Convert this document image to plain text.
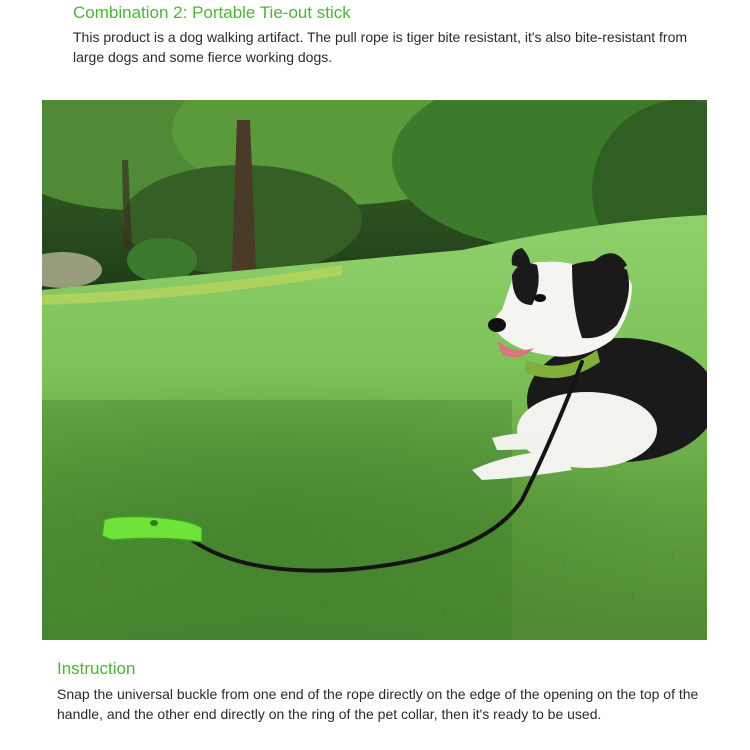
Combination 2: Portable Tie-out stick

This product is a dog walking artifact. The pull rope is tiger bite resistant, it's also bite-resistant from large dogs and some fierce working dogs.

Instruction

Snap the universal buckle from one end of the rope directly on the edge of the opening on the top of the handle, and the other end directly on the ring of the pet collar, then it's ready to be used.
